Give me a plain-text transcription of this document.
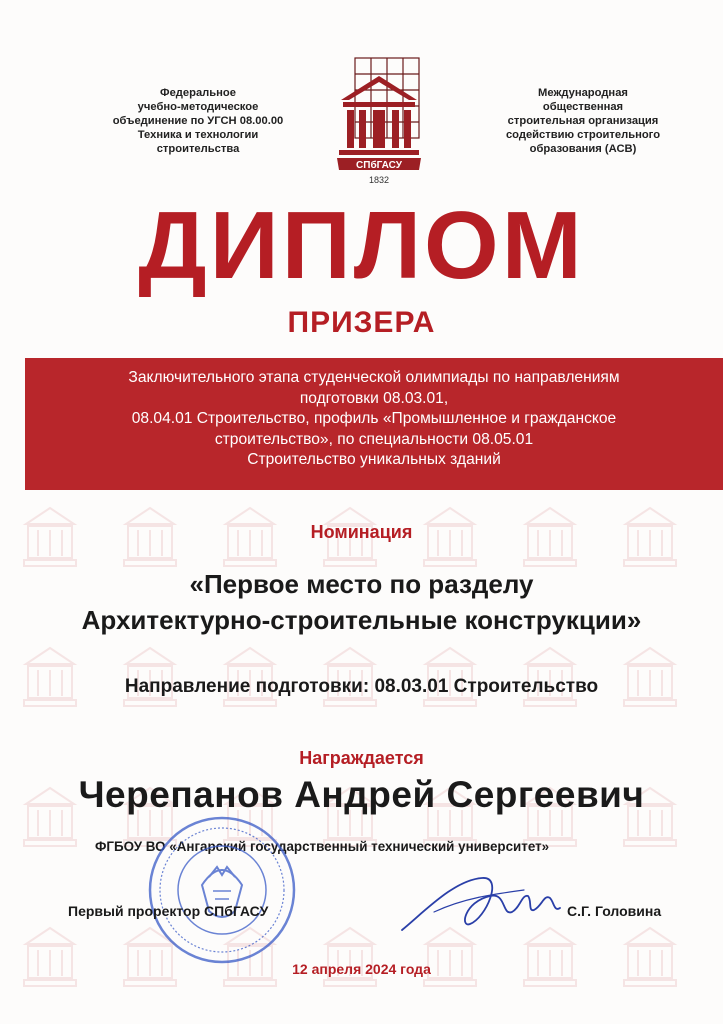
Федеральное
учебно-методическое
объединение по УГСН 08.00.00
Техника и технологии
строительства
СПбГАСУ
1832
Международная
общественная
строительная организация
содействию строительного
образования (АСВ)
ДИПЛОМ
ПРИЗЕРА
Заключительного этапа студенческой олимпиады по направлениям
подготовки 08.03.01,
08.04.01 Строительство, профиль «Промышленное и гражданское
строительство», по специальности 08.05.01
Строительство уникальных зданий
Номинация
«Первое место по разделу
Архитектурно-строительные конструкции»
Направление подготовки: 08.03.01 Строительство
Награждается
Черепанов Андрей Сергеевич
ФГБОУ ВО «Ангарский государственный технический университет»
Первый проректор СПбГАСУ	С.Г. Головина
12 апреля 2024 года
